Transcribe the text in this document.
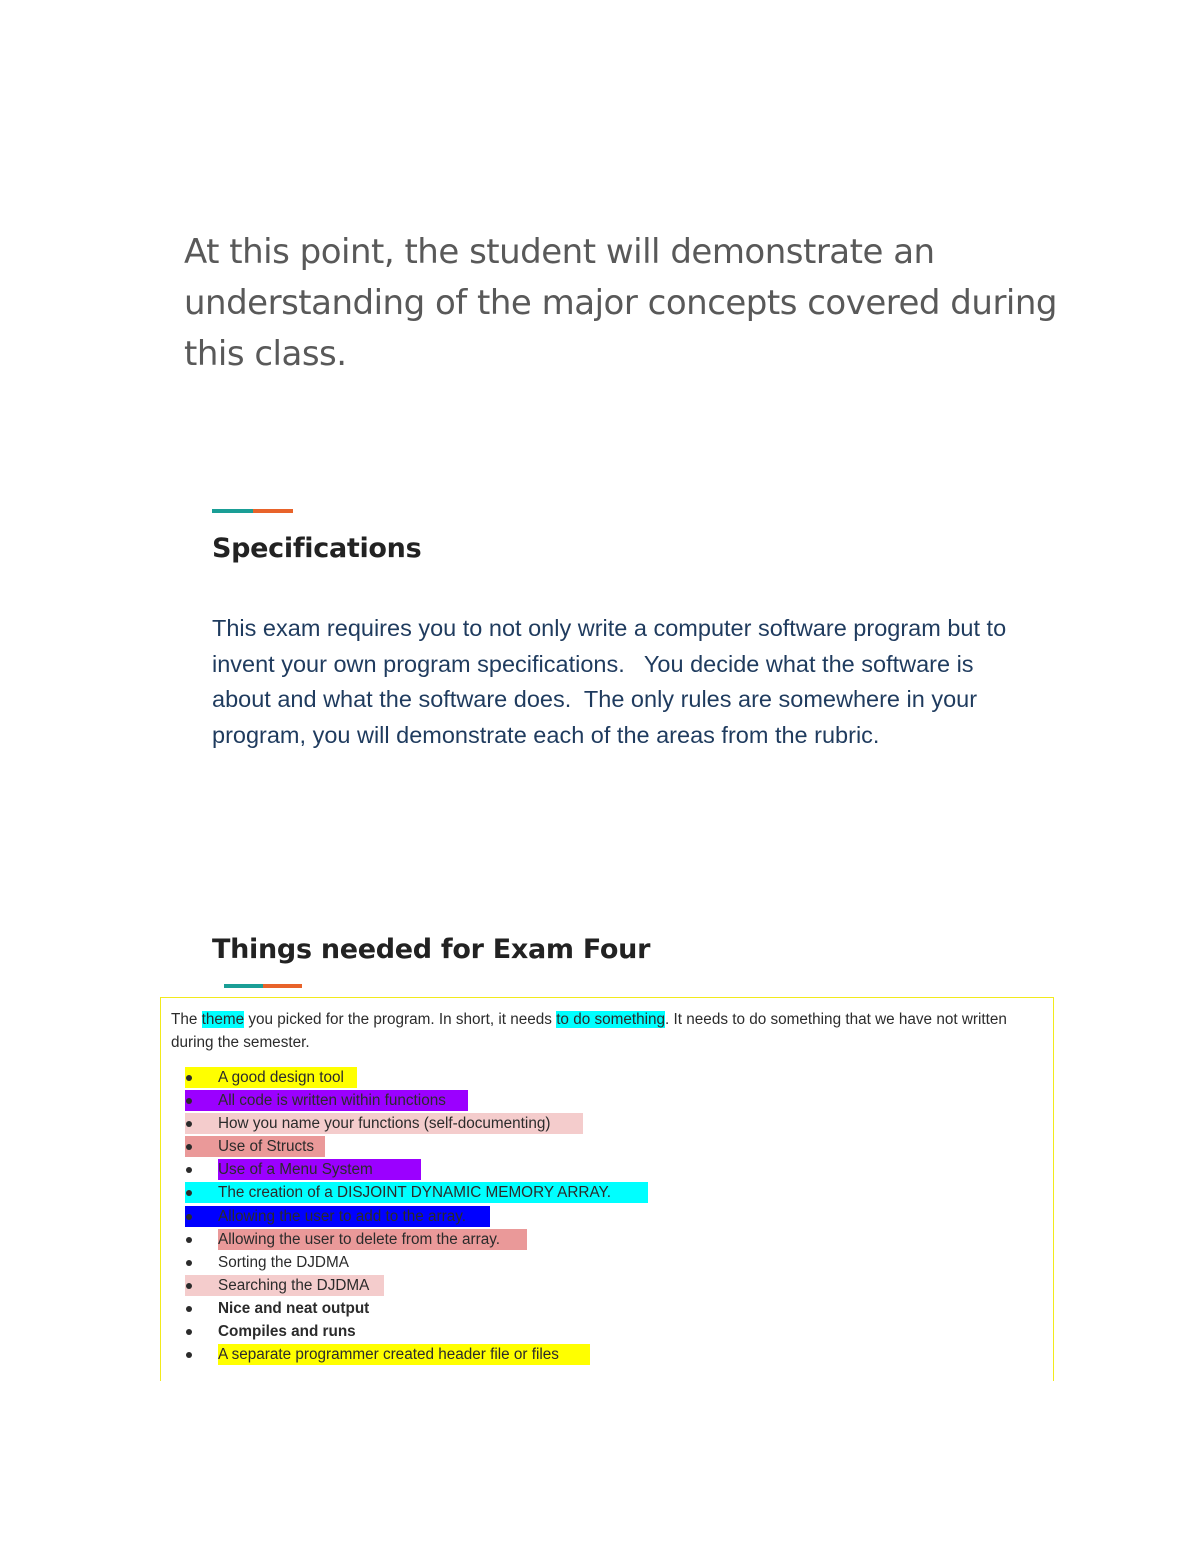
At this point, the student will demonstrate an understanding of the major concepts covered during this class.

Specifications

This exam requires you to not only write a computer software program but to invent your own program specifications.   You decide what the software is about and what the software does.  The only rules are somewhere in your program, you will demonstrate each of the areas from the rubric.

Things needed for Exam Four

The theme you picked for the program. In short, it needs to do something. It needs to do something that we have not written during the semester.

A good design tool
All code is written within functions
How you name your functions (self-documenting)
Use of Structs
Use of a Menu System
The creation of a DISJOINT DYNAMIC MEMORY ARRAY.
Allowing the user to add to the array.
Allowing the user to delete from the array.
Sorting the DJDMA
Searching the DJDMA
Nice and neat output
Compiles and runs
A separate programmer created header file or files
